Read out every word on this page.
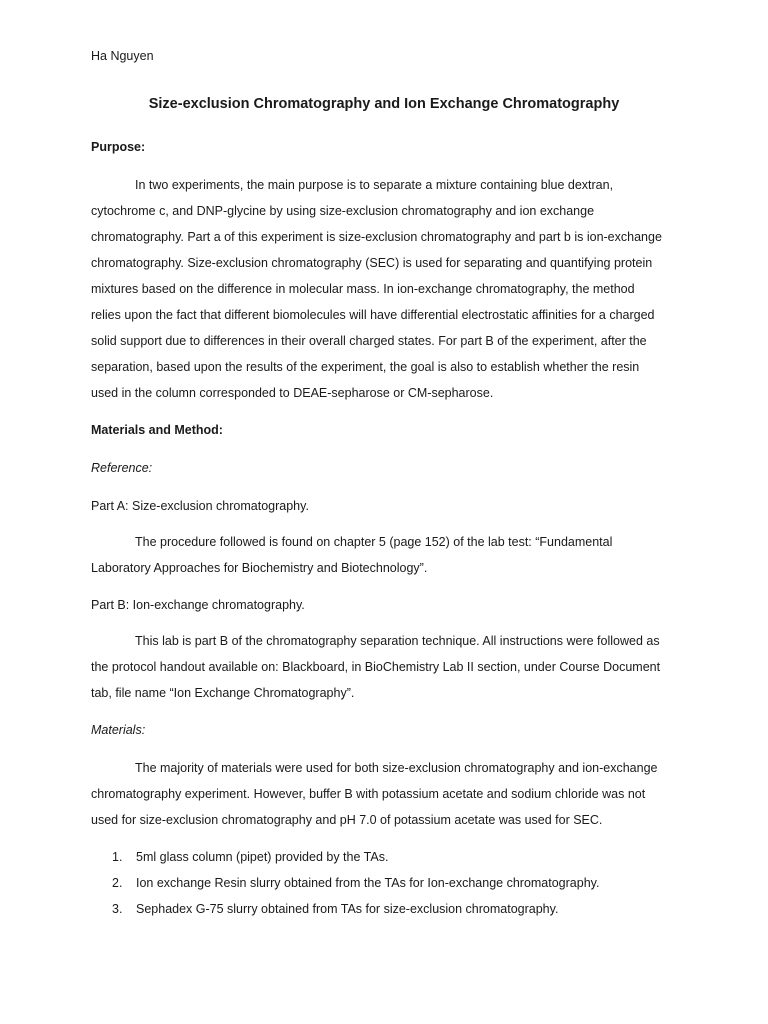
Ha Nguyen
Size-exclusion Chromatography and Ion Exchange Chromatography
Purpose:

In two experiments, the main purpose is to separate a mixture containing blue dextran,

cytochrome c, and DNP-glycine by using size-exclusion chromatography and ion exchange

chromatography. Part a of this experiment is size-exclusion chromatography and part b is ion-exchange

chromatography. Size-exclusion chromatography (SEC) is used for separating and quantifying protein

mixtures based on the difference in molecular mass. In ion-exchange chromatography, the method

relies upon the fact that different biomolecules will have differential electrostatic affinities for a charged

solid support due to differences in their overall charged states. For part B of the experiment, after the

separation, based upon the results of the experiment, the goal is also to establish whether the resin

used in the column corresponded to DEAE-sepharose or CM-sepharose.

Materials and Method:
Reference:
Part A: Size-exclusion chromatography.

The procedure followed is found on chapter 5 (page 152) of the lab test: “Fundamental

Laboratory Approaches for Biochemistry and Biotechnology”.

Part B: Ion-exchange chromatography.

This lab is part B of the chromatography separation technique. All instructions were followed as

the protocol handout available on: Blackboard, in BioChemistry Lab II section, under Course Document

tab, file name “Ion Exchange Chromatography”.

Materials:

The majority of materials were used for both size-exclusion chromatography and ion-exchange

chromatography experiment. However, buffer B with potassium acetate and sodium chloride was not

used for size-exclusion chromatography and pH 7.0 of potassium acetate was used for SEC.

1. 5ml glass column (pipet) provided by the TAs.
2. Ion exchange Resin slurry obtained from the TAs for Ion-exchange chromatography.
3. Sephadex G-75 slurry obtained from TAs for size-exclusion chromatography.
